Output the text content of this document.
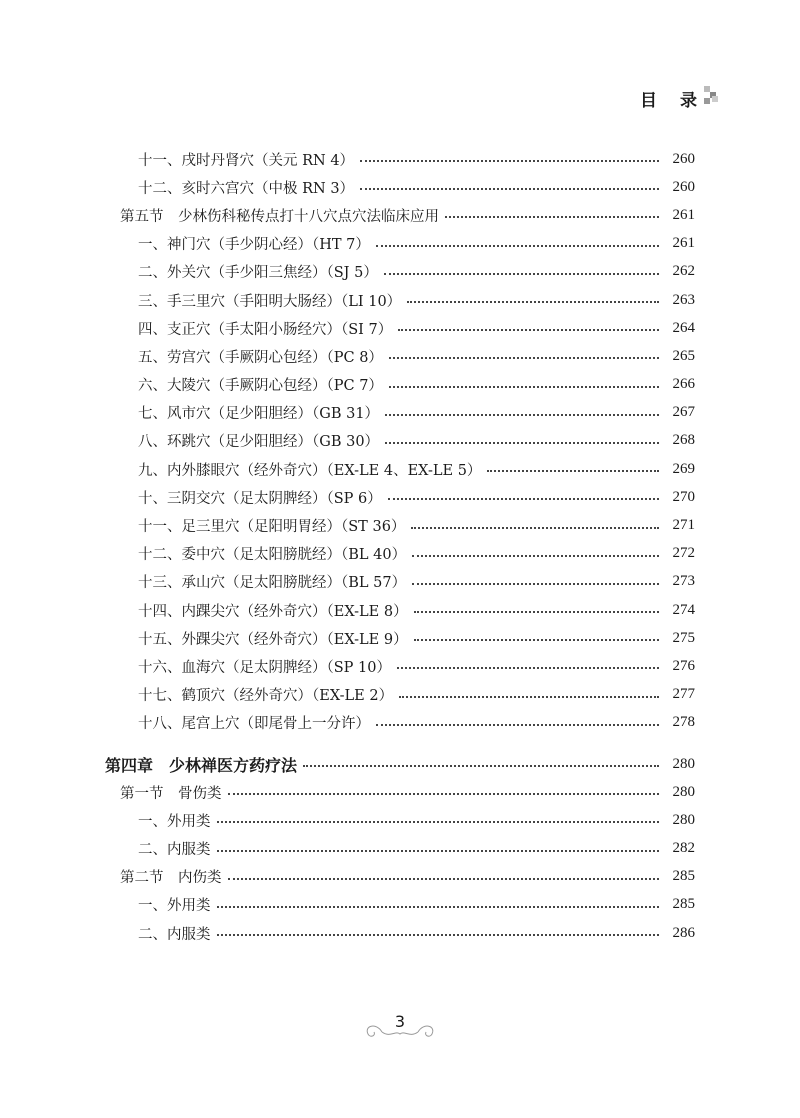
目 录
十一、戌时丹肾穴（关元 RN 4）	260
十二、亥时六宫穴（中极 RN 3）	260
第五节　少林伤科秘传点打十八穴点穴法临床应用	261
一、神门穴（手少阴心经）（HT 7）	261
二、外关穴（手少阳三焦经）（SJ 5）	262
三、手三里穴（手阳明大肠经）（LI 10）	263
四、支正穴（手太阳小肠经穴）（SI 7）	264
五、劳宫穴（手厥阴心包经）（PC 8）	265
六、大陵穴（手厥阴心包经）（PC 7）	266
七、风市穴（足少阳胆经）（GB 31）	267
八、环跳穴（足少阳胆经）（GB 30）	268
九、内外膝眼穴（经外奇穴）（EX-LE 4、EX-LE 5）	269
十、三阴交穴（足太阴脾经）（SP 6）	270
十一、足三里穴（足阳明胃经）（ST 36）	271
十二、委中穴（足太阳膀胱经）（BL 40）	272
十三、承山穴（足太阳膀胱经）（BL 57）	273
十四、内踝尖穴（经外奇穴）（EX-LE 8）	274
十五、外踝尖穴（经外奇穴）（EX-LE 9）	275
十六、血海穴（足太阴脾经）（SP 10）	276
十七、鹤顶穴（经外奇穴）（EX-LE 2）	277
十八、尾宫上穴（即尾骨上一分许）	278
第四章　少林禅医方药疗法	280
第一节　骨伤类	280
一、外用类	280
二、内服类	282
第二节　内伤类	285
一、外用类	285
二、内服类	286
3
